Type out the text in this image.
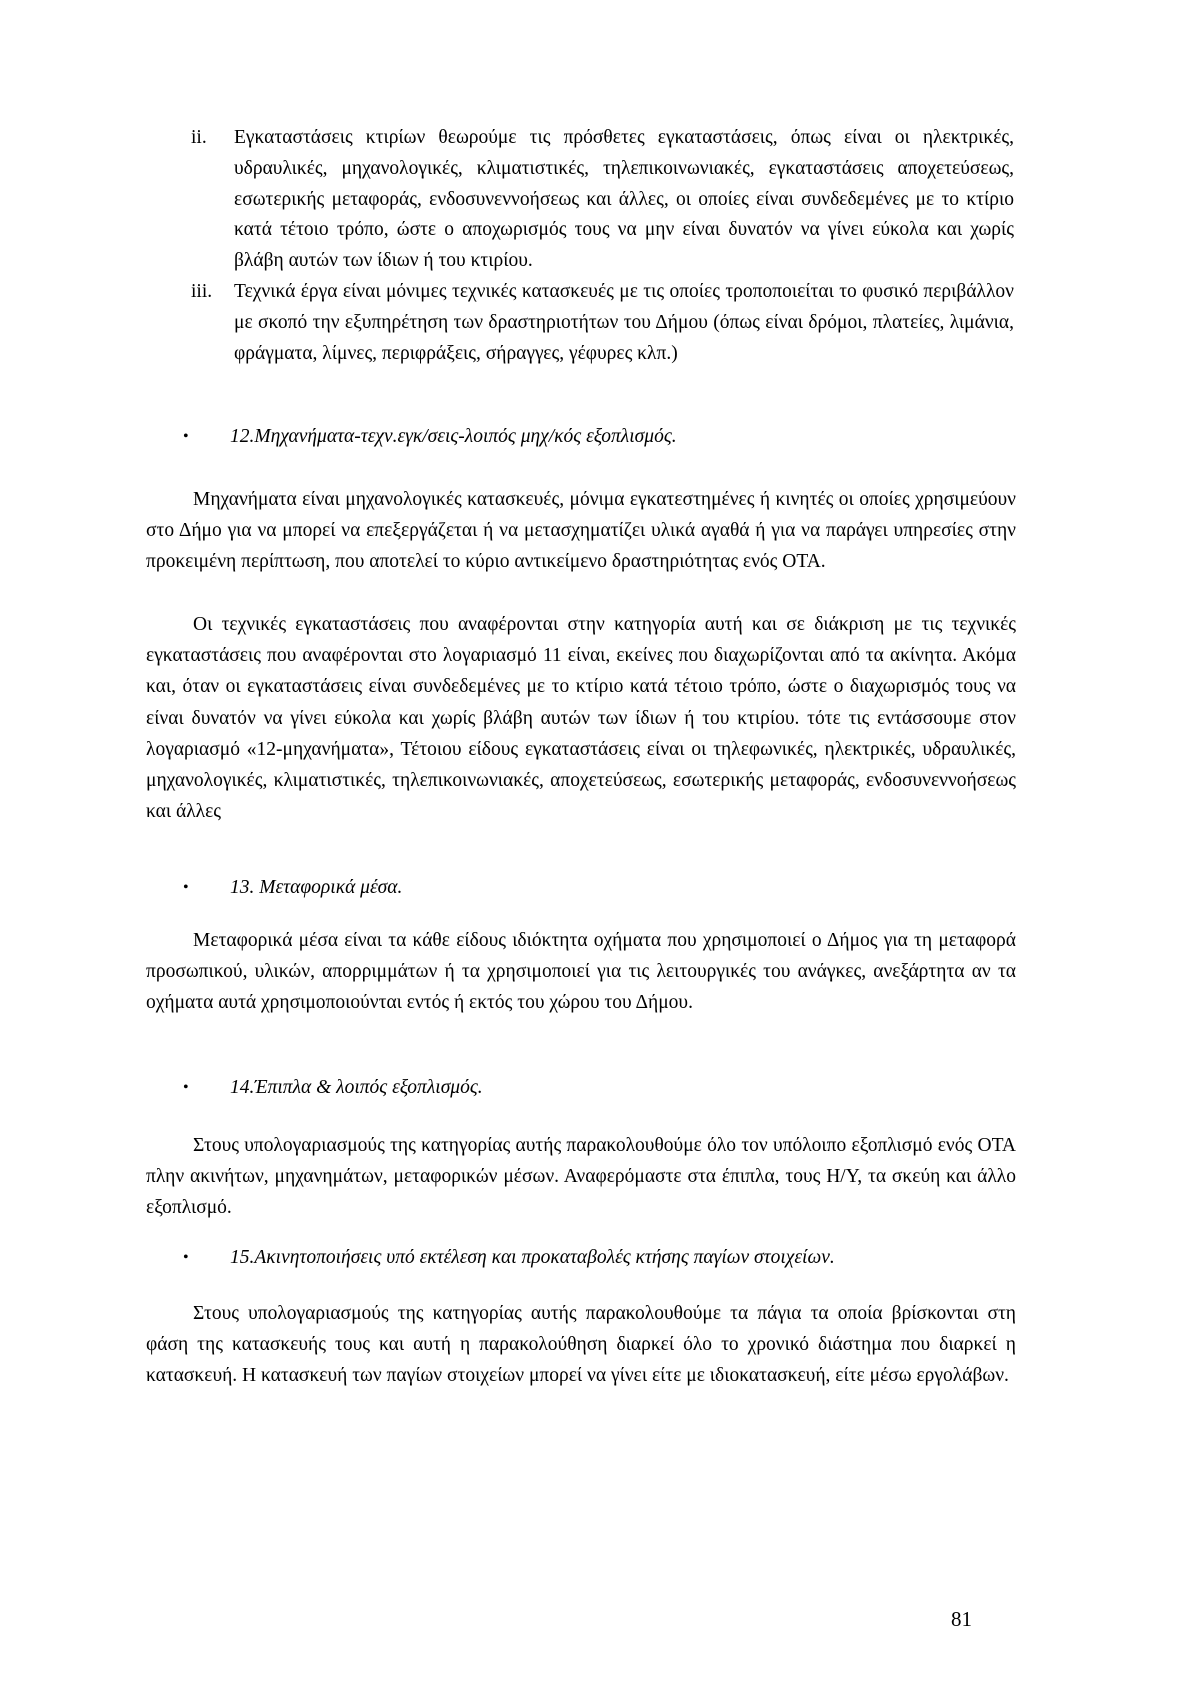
ii. Εγκαταστάσεις κτιρίων θεωρούμε τις πρόσθετες εγκαταστάσεις, όπως είναι οι ηλεκτρικές, υδραυλικές, μηχανολογικές, κλιματιστικές, τηλεπικοινωνιακές, εγκαταστάσεις αποχετεύσεως, εσωτερικής μεταφοράς, ενδοσυνεννοήσεως και άλλες, οι οποίες είναι συνδεδεμένες με το κτίριο κατά τέτοιο τρόπο, ώστε ο αποχωρισμός τους να μην είναι δυνατόν να γίνει εύκολα και χωρίς βλάβη αυτών των ίδιων ή του κτιρίου.
iii. Τεχνικά έργα είναι μόνιμες τεχνικές κατασκευές με τις οποίες τροποποιείται το φυσικό περιβάλλον με σκοπό την εξυπηρέτηση των δραστηριοτήτων του Δήμου (όπως είναι δρόμοι, πλατείες, λιμάνια, φράγματα, λίμνες, περιφράξεις, σήραγγες, γέφυρες κλπ.)
• 12.Μηχανήματα-τεχν.εγκ/σεις-λοιπός μηχ/κός εξοπλισμός.
Μηχανήματα είναι μηχανολογικές κατασκευές, μόνιμα εγκατεστημένες ή κινητές οι οποίες χρησιμεύουν στο Δήμο για να μπορεί να επεξεργάζεται ή να μετασχηματίζει υλικά αγαθά ή για να παράγει υπηρεσίες στην προκειμένη περίπτωση, που αποτελεί το κύριο αντικείμενο δραστηριότητας ενός ΟΤΑ.
Οι τεχνικές εγκαταστάσεις που αναφέρονται στην κατηγορία αυτή και σε διάκριση με τις τεχνικές εγκαταστάσεις που αναφέρονται στο λογαριασμό 11 είναι, εκείνες που διαχωρίζονται από τα ακίνητα. Ακόμα και, όταν οι εγκαταστάσεις είναι συνδεδεμένες με το κτίριο κατά τέτοιο τρόπο, ώστε ο διαχωρισμός τους να είναι δυνατόν να γίνει εύκολα και χωρίς βλάβη αυτών των ίδιων ή του κτιρίου. τότε τις εντάσσουμε στον λογαριασμό «12-μηχανήματα», Τέτοιου είδους εγκαταστάσεις είναι οι τηλεφωνικές, ηλεκτρικές, υδραυλικές, μηχανολογικές, κλιματιστικές, τηλεπικοινωνιακές, αποχετεύσεως, εσωτερικής μεταφοράς, ενδοσυνεννοήσεως και άλλες
• 13. Μεταφορικά μέσα.
Μεταφορικά μέσα είναι τα κάθε είδους ιδιόκτητα οχήματα που χρησιμοποιεί ο Δήμος για τη μεταφορά προσωπικού, υλικών, απορριμμάτων ή τα χρησιμοποιεί για τις λειτουργικές του ανάγκες, ανεξάρτητα αν τα οχήματα αυτά χρησιμοποιούνται εντός ή εκτός του χώρου του Δήμου.
• 14.Έπιπλα & λοιπός εξοπλισμός.
Στους υπολογαριασμούς της κατηγορίας αυτής παρακολουθούμε όλο τον υπόλοιπο εξοπλισμό ενός ΟΤΑ πλην ακινήτων, μηχανημάτων, μεταφορικών μέσων. Αναφερόμαστε στα έπιπλα, τους Η/Υ, τα σκεύη και άλλο εξοπλισμό.
• 15.Ακινητοποιήσεις υπό εκτέλεση και προκαταβολές κτήσης παγίων στοιχείων.
Στους υπολογαριασμούς της κατηγορίας αυτής παρακολουθούμε τα πάγια τα οποία βρίσκονται στη φάση της κατασκευής τους και αυτή η παρακολούθηση διαρκεί όλο το χρονικό διάστημα που διαρκεί η κατασκευή. Η κατασκευή των παγίων στοιχείων μπορεί να γίνει είτε με ιδιοκατασκευή, είτε μέσω εργολάβων.
81
